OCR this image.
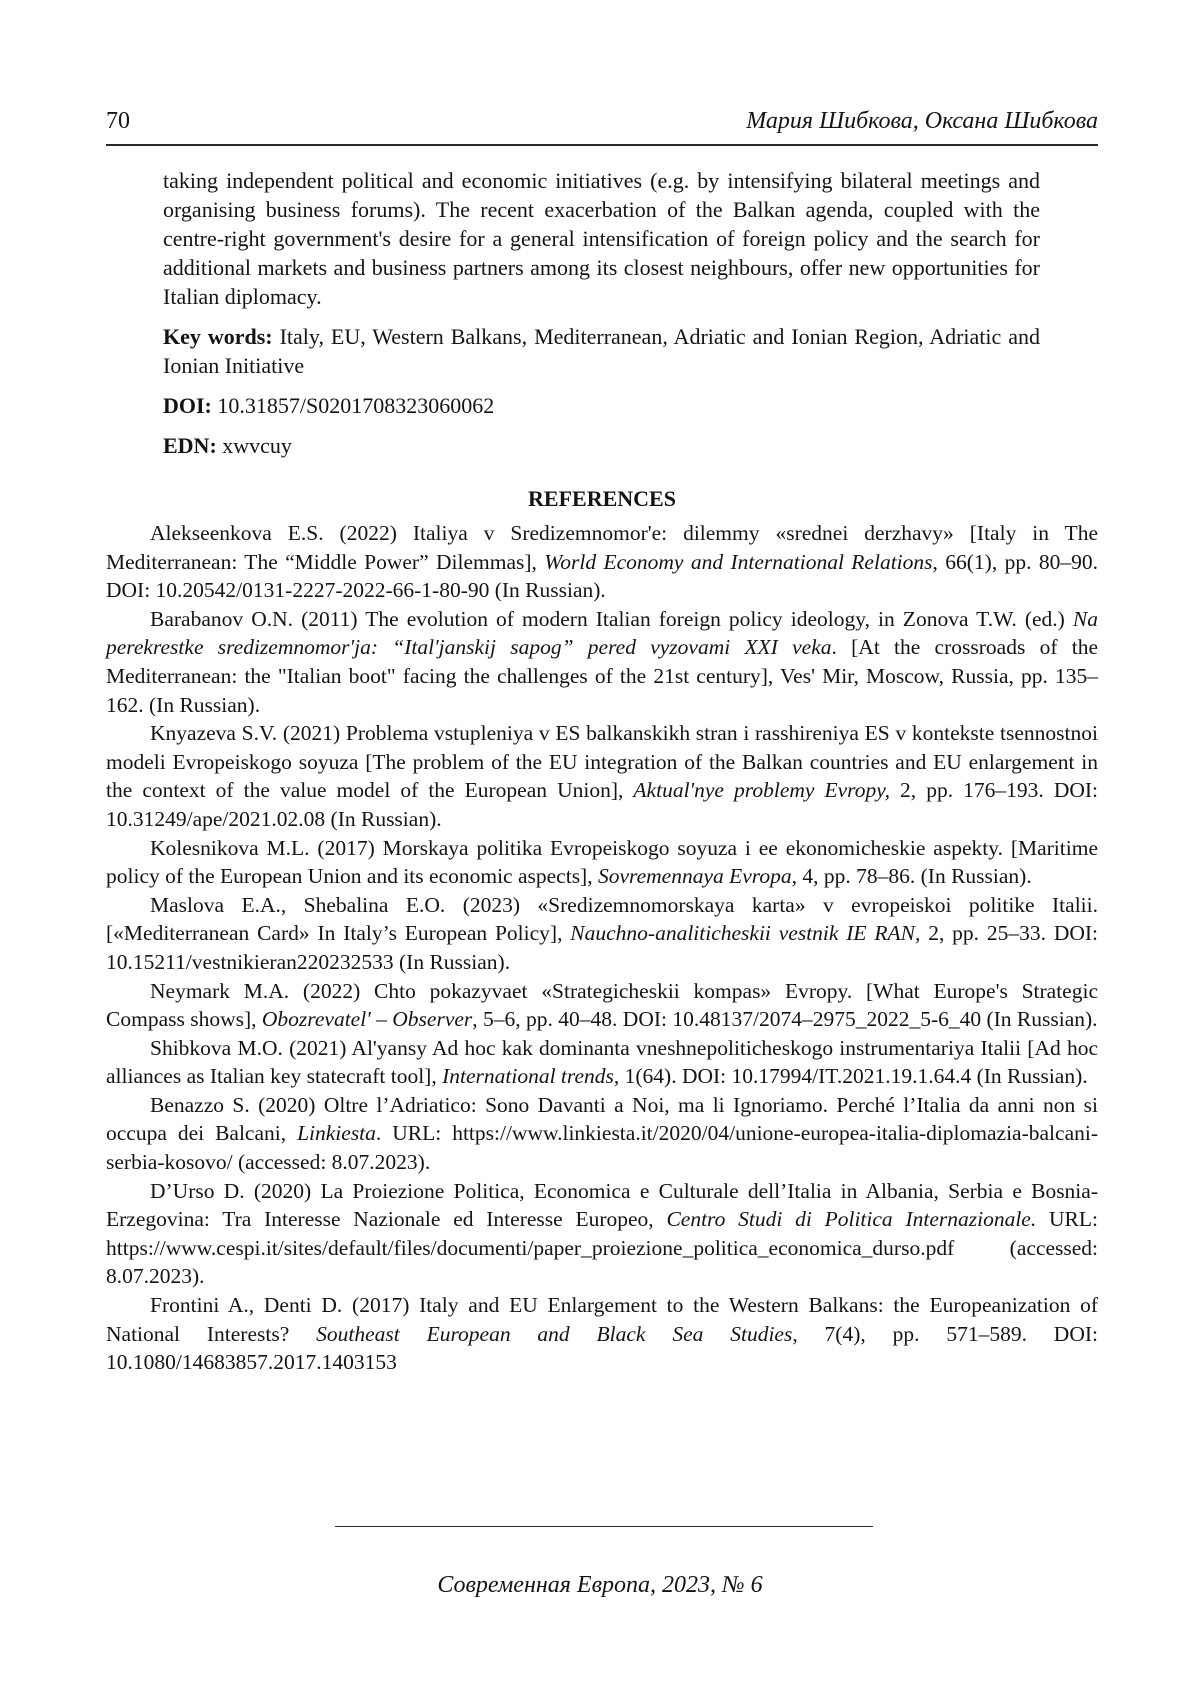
70	Мария Шибкова, Оксана Шибкова

taking independent political and economic initiatives (e.g. by intensifying bilateral meetings and organising business forums). The recent exacerbation of the Balkan agenda, coupled with the centre-right government's desire for a general intensification of foreign policy and the search for additional markets and business partners among its closest neighbours, offer new opportunities for Italian diplomacy.

Key words: Italy, EU, Western Balkans, Mediterranean, Adriatic and Ionian Region, Adriatic and Ionian Initiative

DOI: 10.31857/S0201708323060062

EDN: xwvcuy

REFERENCES

Alekseenkova E.S. (2022) Italiya v Sredizemnomor'e: dilemmy «srednei derzhavy» [Italy in The Mediterranean: The “Middle Power” Dilemmas], World Economy and International Relations, 66(1), pp. 80–90. DOI: 10.20542/0131-2227-2022-66-1-80-90 (In Russian).

Barabanov O.N. (2011) The evolution of modern Italian foreign policy ideology, in Zonova T.W. (ed.) Na perekrestke sredizemnomor'ja: “Ital'janskij sapog” pered vyzovami XXI veka. [At the crossroads of the Mediterranean: the "Italian boot" facing the challenges of the 21st century], Ves' Mir, Moscow, Russia, pp. 135–162. (In Russian).

Knyazeva S.V. (2021) Problema vstupleniya v ES balkanskikh stran i rasshireniya ES v kontekste tsennostnoi modeli Evropeiskogo soyuza [The problem of the EU integration of the Balkan countries and EU enlargement in the context of the value model of the European Union], Aktual'nye problemy Evropy, 2, pp. 176–193. DOI: 10.31249/ape/2021.02.08 (In Russian).

Kolesnikova M.L. (2017) Morskaya politika Evropeiskogo soyuza i ee ekonomicheskie aspekty. [Maritime policy of the European Union and its economic aspects], Sovremennaya Evropa, 4, pp. 78–86. (In Russian).

Maslova E.A., Shebalina E.O. (2023) «Sredizemnomorskaya karta» v evropeiskoi politike Italii. [«Mediterranean Card» In Italy’s European Policy], Nauchno-analiticheskii vestnik IE RAN, 2, pp. 25–33. DOI: 10.15211/vestnikieran220232533 (In Russian).

Neymark M.A. (2022) Chto pokazyvaet «Strategicheskii kompas» Evropy. [What Europe's Strategic Compass shows], Obozrevatel' – Observer, 5–6, pp. 40–48. DOI: 10.48137/2074–2975_2022_5-6_40 (In Russian).

Shibkova M.O. (2021) Al'yansy Ad hoc kak dominanta vneshnepoliticheskogo instrumentariya Italii [Ad hoc alliances as Italian key statecraft tool], International trends, 1(64). DOI: 10.17994/IT.2021.19.1.64.4 (In Russian).

Benazzo S. (2020) Oltre l’Adriatico: Sono Davanti a Noi, ma li Ignoriamo. Perché l’Italia da anni non si occupa dei Balcani, Linkiesta. URL: https://www.linkiesta.it/2020/04/unione-europea-italia-diplomazia-balcani-serbia-kosovo/ (accessed: 8.07.2023).

D’Urso D. (2020) La Proiezione Politica, Economica e Culturale dell’Italia in Albania, Serbia e Bosnia-Erzegovina: Tra Interesse Nazionale ed Interesse Europeo, Centro Studi di Politica Internazionale. URL: https://www.cespi.it/sites/default/files/documenti/paper_proiezione_politica_economica_durso.pdf (accessed: 8.07.2023).

Frontini A., Denti D. (2017) Italy and EU Enlargement to the Western Balkans: the Europeanization of National Interests? Southeast European and Black Sea Studies, 7(4), pp. 571–589. DOI: 10.1080/14683857.2017.1403153

Современная Европа, 2023, № 6
